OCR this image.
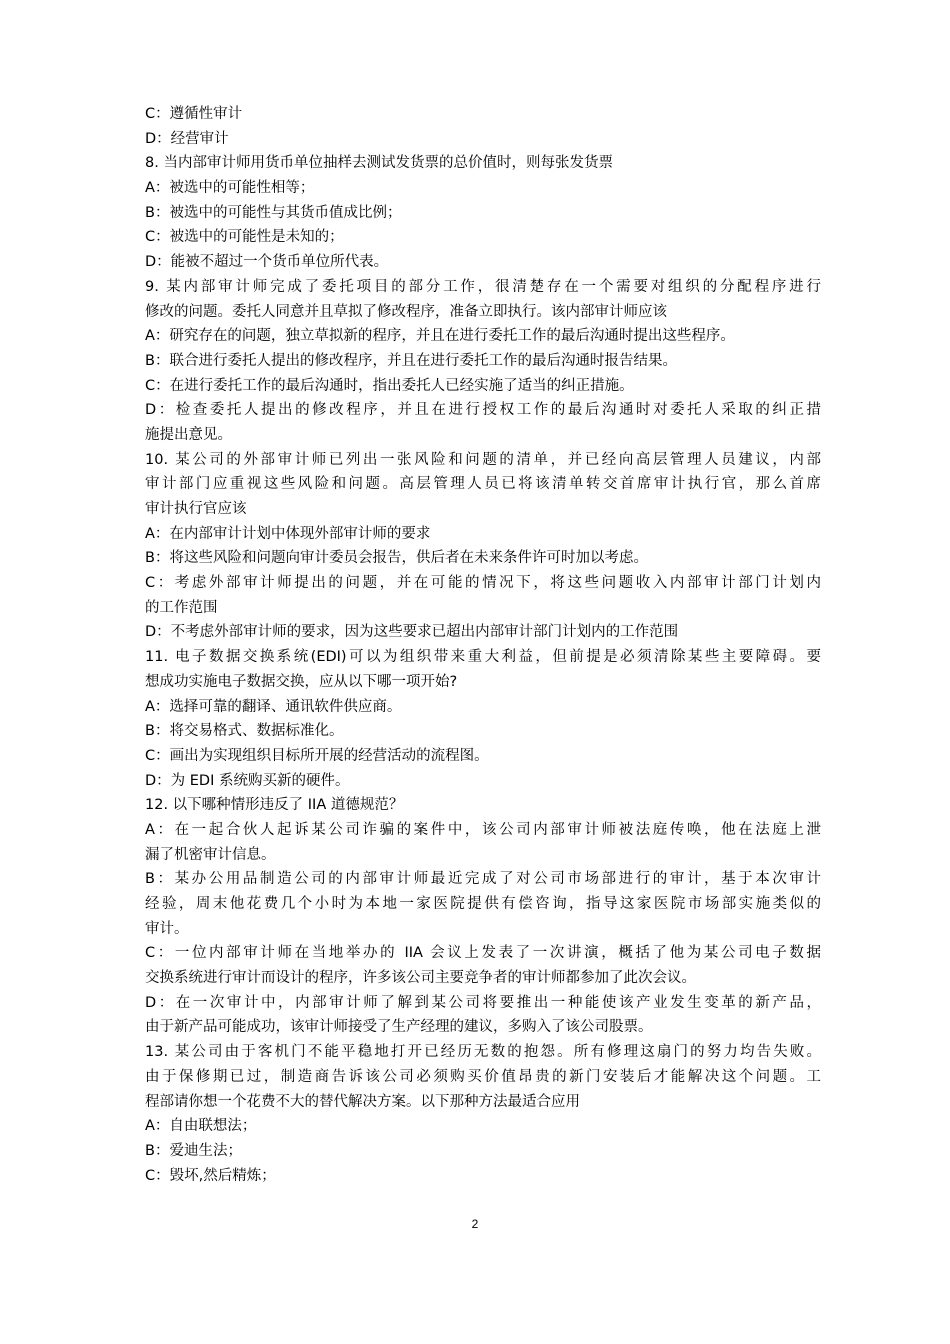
C：遵循性审计
D：经营审计
8. 当内部审计师用货币单位抽样去测试发货票的总价值时，则每张发货票
A：被选中的可能性相等；
B：被选中的可能性与其货币值成比例；
C：被选中的可能性是未知的；
D：能被不超过一个货币单位所代表。
9. 某内部审计师完成了委托项目的部分工作，很清楚存在一个需要对组织的分配程序进行
修改的问题。委托人同意并且草拟了修改程序，准备立即执行。该内部审计师应该
A：研究存在的问题，独立草拟新的程序，并且在进行委托工作的最后沟通时提出这些程序。
B：联合进行委托人提出的修改程序，并且在进行委托工作的最后沟通时报告结果。
C：在进行委托工作的最后沟通时，指出委托人已经实施了适当的纠正措施。
D：检查委托人提出的修改程序，并且在进行授权工作的最后沟通时对委托人采取的纠正措
施提出意见。
10. 某公司的外部审计师已列出一张风险和问题的清单，并已经向高层管理人员建议，内部
审计部门应重视这些风险和问题。高层管理人员已将该清单转交首席审计执行官，那么首席
审计执行官应该
A：在内部审计计划中体现外部审计师的要求
B：将这些风险和问题向审计委员会报告，供后者在未来条件许可时加以考虑。
C：考虑外部审计师提出的问题，并在可能的情况下，将这些问题收入内部审计部门计划内
的工作范围
D：不考虑外部审计师的要求，因为这些要求已超出内部审计部门计划内的工作范围
11. 电子数据交换系统(EDI)可以为组织带来重大利益，但前提是必须清除某些主要障碍。要
想成功实施电子数据交换，应从以下哪一项开始?
A：选择可靠的翻译、通讯软件供应商。
B：将交易格式、数据标准化。
C：画出为实现组织目标所开展的经营活动的流程图。
D：为 EDI 系统购买新的硬件。
12. 以下哪种情形违反了 IIA 道德规范？
A：在一起合伙人起诉某公司诈骗的案件中，该公司内部审计师被法庭传唤，他在法庭上泄
漏了机密审计信息。
B：某办公用品制造公司的内部审计师最近完成了对公司市场部进行的审计，基于本次审计
经验，周末他花费几个小时为本地一家医院提供有偿咨询，指导这家医院市场部实施类似的
审计。
C：一位内部审计师在当地举办的 IIA 会议上发表了一次讲演，概括了他为某公司电子数据
交换系统进行审计而设计的程序，许多该公司主要竞争者的审计师都参加了此次会议。
D：在一次审计中，内部审计师了解到某公司将要推出一种能使该产业发生变革的新产品，
由于新产品可能成功，该审计师接受了生产经理的建议，多购入了该公司股票。
13. 某公司由于客机门不能平稳地打开已经历无数的抱怨。所有修理这扇门的努力均告失败。
由于保修期已过，制造商告诉该公司必须购买价值昂贵的新门安装后才能解决这个问题。工
程部请你想一个花费不大的替代解决方案。以下那种方法最适合应用
A：自由联想法；
B：爱迪生法；
C：毁坏,然后精炼；
2
